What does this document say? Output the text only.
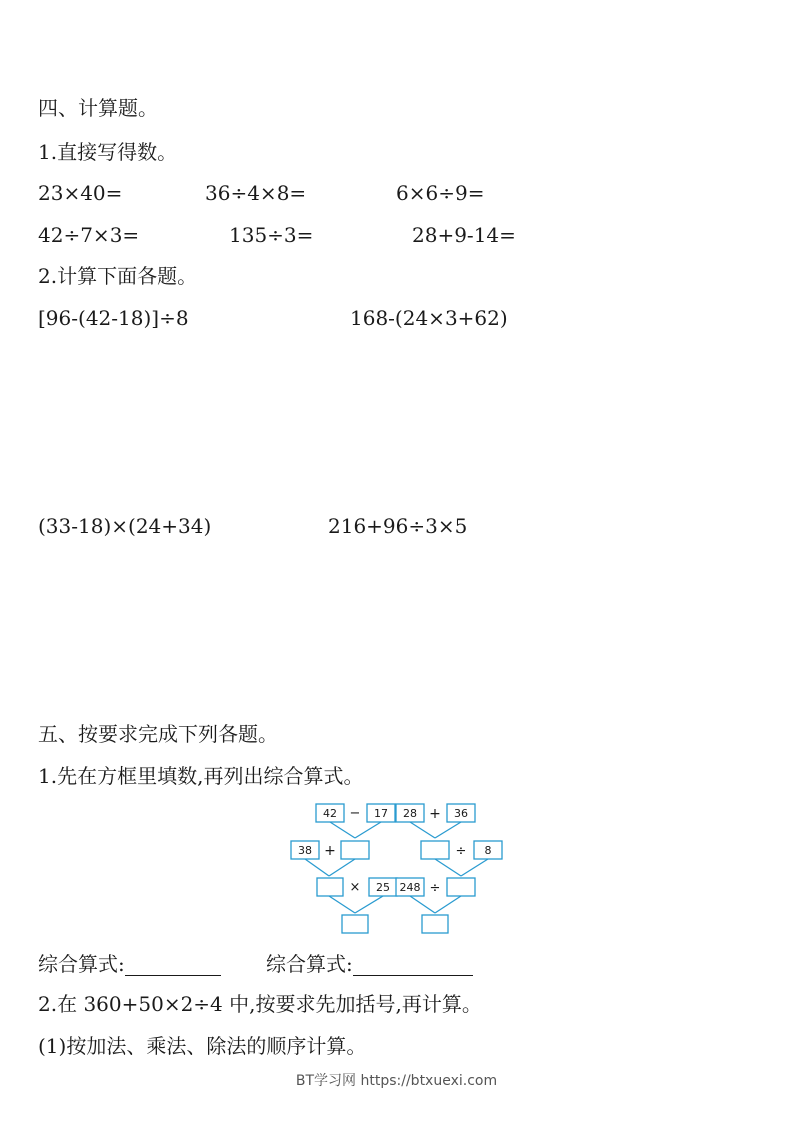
四、计算题。
1.直接写得数。
23×40=	36÷4×8=	6×6÷9=
42÷7×3=	135÷3=	28+9-14=
2.计算下面各题。
[96-(42-18)]÷8	168-(24×3+62)
(33-18)×(24+34)	216+96÷3×5
五、按要求完成下列各题。
1.先在方框里填数,再列出综合算式。
42 − 17
38 +
× 25
28 + 36
÷ 8
248 ÷
综合算式:	综合算式:
2.在 360+50×2÷4 中,按要求先加括号,再计算。
(1)按加法、乘法、除法的顺序计算。
BT学习网 https://btxuexi.com
